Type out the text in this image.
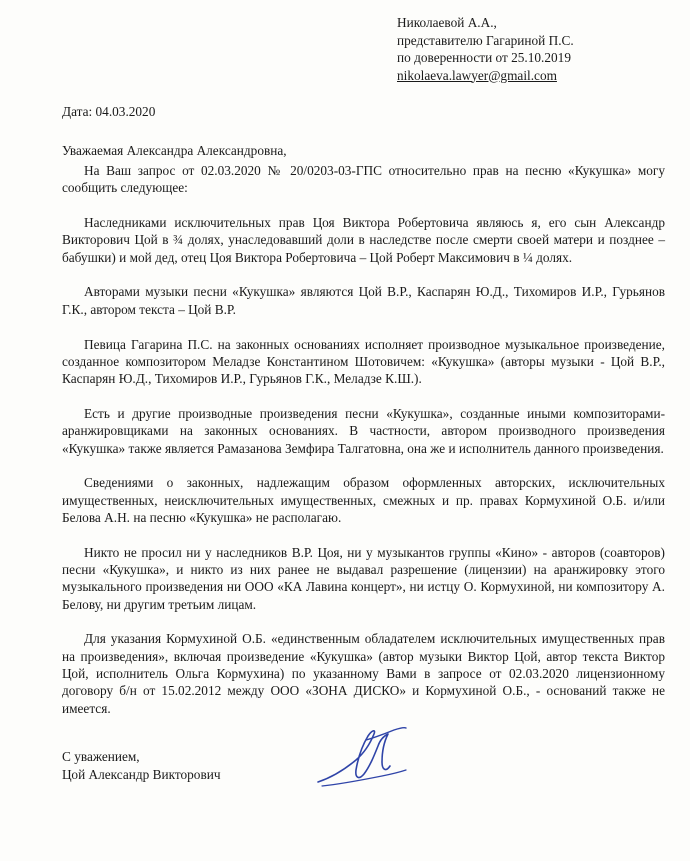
Николаевой А.А.,
представителю Гагариной П.С.
по доверенности от 25.10.2019
nikolaeva.lawyer@gmail.com
Дата: 04.03.2020
Уважаемая Александра Александровна,

На Ваш запрос от 02.03.2020 № 20/0203-03-ГПС относительно прав на песню «Кукушка» могу сообщить следующее:

Наследниками исключительных прав Цоя Виктора Робертовича являюсь я, его сын Александр Викторович Цой в ¾ долях, унаследовавший доли в наследстве после смерти своей матери и позднее – бабушки) и мой дед, отец Цоя Виктора Робертовича – Цой Роберт Максимович в ¼ долях.

Авторами музыки песни «Кукушка» являются Цой В.Р., Каспарян Ю.Д., Тихомиров И.Р., Гурьянов Г.К., автором текста – Цой В.Р.

Певица Гагарина П.С. на законных основаниях исполняет производное музыкальное произведение, созданное композитором Меладзе Константином Шотовичем: «Кукушка» (авторы музыки - Цой В.Р., Каспарян Ю.Д., Тихомиров И.Р., Гурьянов Г.К., Меладзе К.Ш.).

Есть и другие производные произведения песни «Кукушка», созданные иными композиторами-аранжировщиками на законных основаниях. В частности, автором производного произведения «Кукушка» также является Рамазанова Земфира Талгатовна, она же и исполнитель данного произведения.

Сведениями о законных, надлежащим образом оформленных авторских, исключительных имущественных, неисключительных имущественных, смежных и пр. правах Кормухиной О.Б. и/или Белова А.Н. на песню «Кукушка» не располагаю.

Никто не просил ни у наследников В.Р. Цоя, ни у музыкантов группы «Кино» - авторов (соавторов) песни «Кукушка», и никто из них ранее не выдавал разрешение (лицензии) на аранжировку этого музыкального произведения ни ООО «КА Лавина концерт», ни истцу О. Кормухиной, ни композитору А. Белову, ни другим третьим лицам.

Для указания Кормухиной О.Б. «единственным обладателем исключительных имущественных прав на произведения», включая произведение «Кукушка» (автор музыки Виктор Цой, автор текста Виктор Цой, исполнитель Ольга Кормухина) по указанному Вами в запросе от 02.03.2020 лицензионному договору б/н от 15.02.2012 между ООО «ЗОНА ДИСКО» и Кормухиной О.Б., - оснований также не имеется.

С уважением,
Цой Александр Викторович
